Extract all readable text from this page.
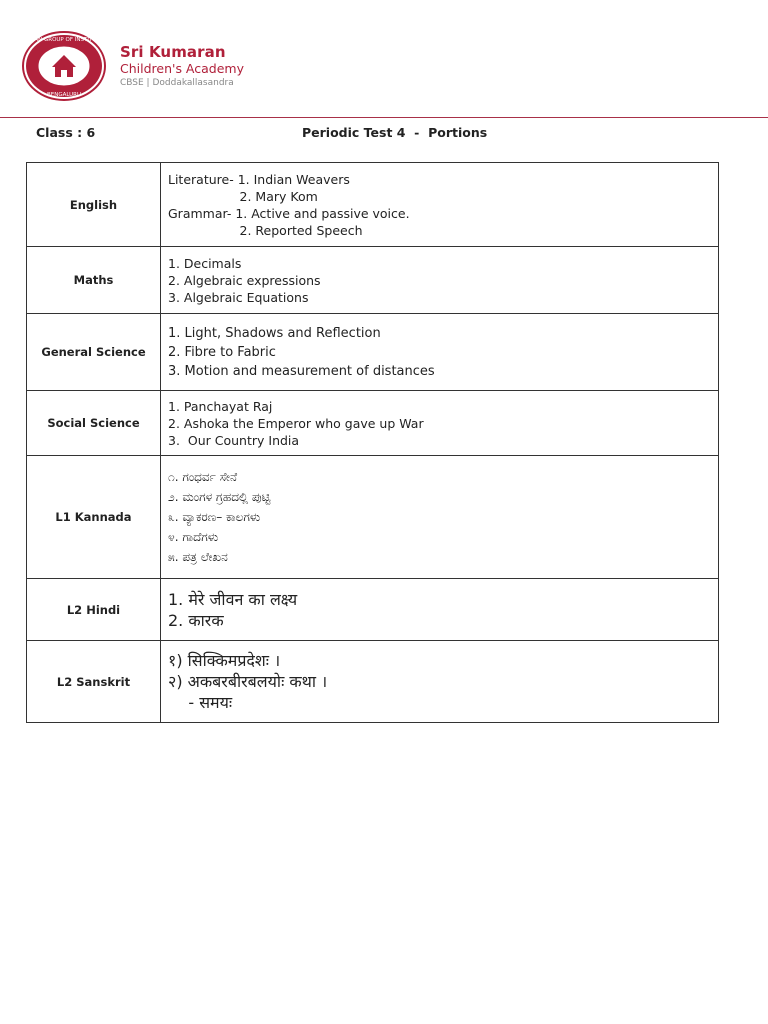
KUMARAN GROUP OF INSTITUTIONS
BENGALURU
Sri Kumaran
Children's Academy
CBSE | Doddakallasandra
Class : 6	Periodic Test 4  -  Portions
English	Literature- 1. Indian Weavers
2. Mary Kom
Grammar- 1. Active and passive voice.
2. Reported Speech

Maths	1. Decimals
2. Algebraic expressions
3. Algebraic Equations

General Science	1. Light, Shadows and Reflection
2. Fibre to Fabric
3. Motion and measurement of distances

Social Science	1. Panchayat Raj
2. Ashoka the Emperor who gave up War
3.  Our Country India

L1 Kannada	೧. ಗಂಧರ್ವ ಸೇನೆ
೨. ಮಂಗಳ ಗ್ರಹದಲ್ಲಿ ಪುಟ್ಟಿ
೩. ವ್ಯಾಕರಣ– ಕಾಲಗಳು
೪. ಗಾದೆಗಳು
೫. ಪತ್ರ ಲೇಖನ

L2 Hindi	1. मेरे जीवन का लक्ष्य
2. कारक

L2 Sanskrit	१) सिक्किमप्रदेशः ।
२) अकबरबीरबलयोः कथा ।
- समयः
